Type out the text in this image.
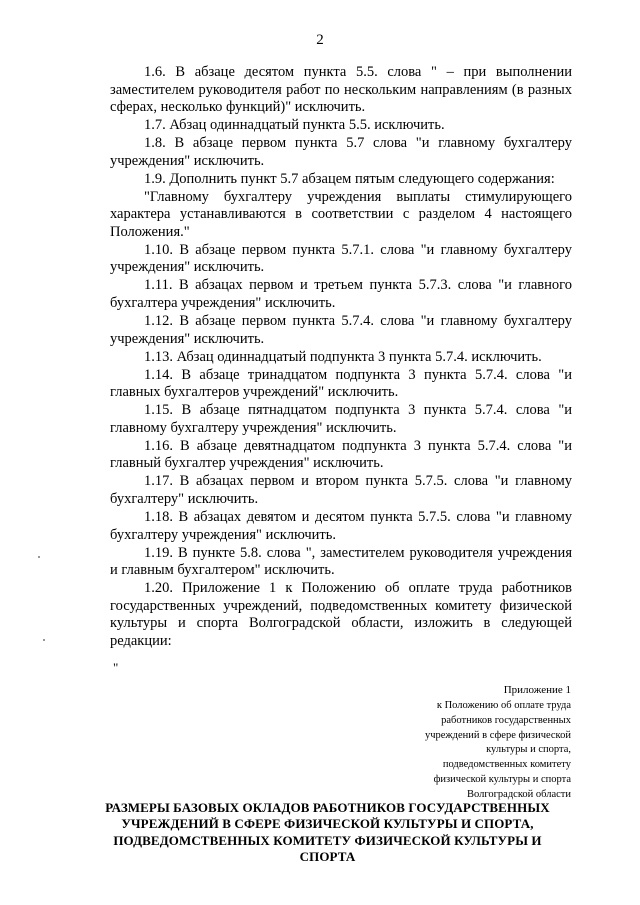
2

1.6. В абзаце десятом пункта 5.5. слова " – при выполнении заместителем руководителя работ по нескольким направлениям (в разных сферах, несколько функций)" исключить.

1.7. Абзац одиннадцатый пункта 5.5. исключить.

1.8. В абзаце первом пункта 5.7 слова "и главному бухгалтеру учреждения" исключить.

1.9. Дополнить пункт 5.7 абзацем пятым следующего содержания:

"Главному бухгалтеру учреждения выплаты стимулирующего характера устанавливаются в соответствии с разделом 4 настоящего Положения."

1.10. В абзаце первом пункта 5.7.1. слова "и главному бухгалтеру учреждения" исключить.

1.11. В абзацах первом и третьем пункта 5.7.3. слова "и главного бухгалтера учреждения" исключить.

1.12. В абзаце первом пункта 5.7.4. слова "и главному бухгалтеру учреждения" исключить.

1.13. Абзац одиннадцатый подпункта 3 пункта 5.7.4. исключить.

1.14. В абзаце тринадцатом подпункта 3 пункта 5.7.4. слова "и главных бухгалтеров учреждений" исключить.

1.15. В абзаце пятнадцатом подпункта 3 пункта 5.7.4. слова "и главному бухгалтеру учреждения" исключить.

1.16. В абзаце девятнадцатом подпункта 3 пункта 5.7.4. слова "и главный бухгалтер учреждения" исключить.

1.17. В абзацах первом и втором пункта 5.7.5. слова "и главному бухгалтеру" исключить.

1.18. В абзацах девятом и десятом пункта 5.7.5. слова "и главному бухгалтеру учреждения" исключить.

1.19. В пункте 5.8. слова ", заместителем руководителя учреждения и главным бухгалтером" исключить.

1.20. Приложение 1 к Положению об оплате труда работников государственных учреждений, подведомственных комитету физической культуры и спорта Волгоградской области, изложить в следующей редакции:

"
Приложение 1
к Положению об оплате труда
работников государственных
учреждений в сфере физической
культуры и спорта,
подведомственных комитету
физической культуры и спорта
Волгоградской области
РАЗМЕРЫ БАЗОВЫХ ОКЛАДОВ РАБОТНИКОВ ГОСУДАРСТВЕННЫХ
УЧРЕЖДЕНИЙ В СФЕРЕ ФИЗИЧЕСКОЙ КУЛЬТУРЫ И СПОРТА,
ПОДВЕДОМСТВЕННЫХ КОМИТЕТУ ФИЗИЧЕСКОЙ КУЛЬТУРЫ И СПОРТА
